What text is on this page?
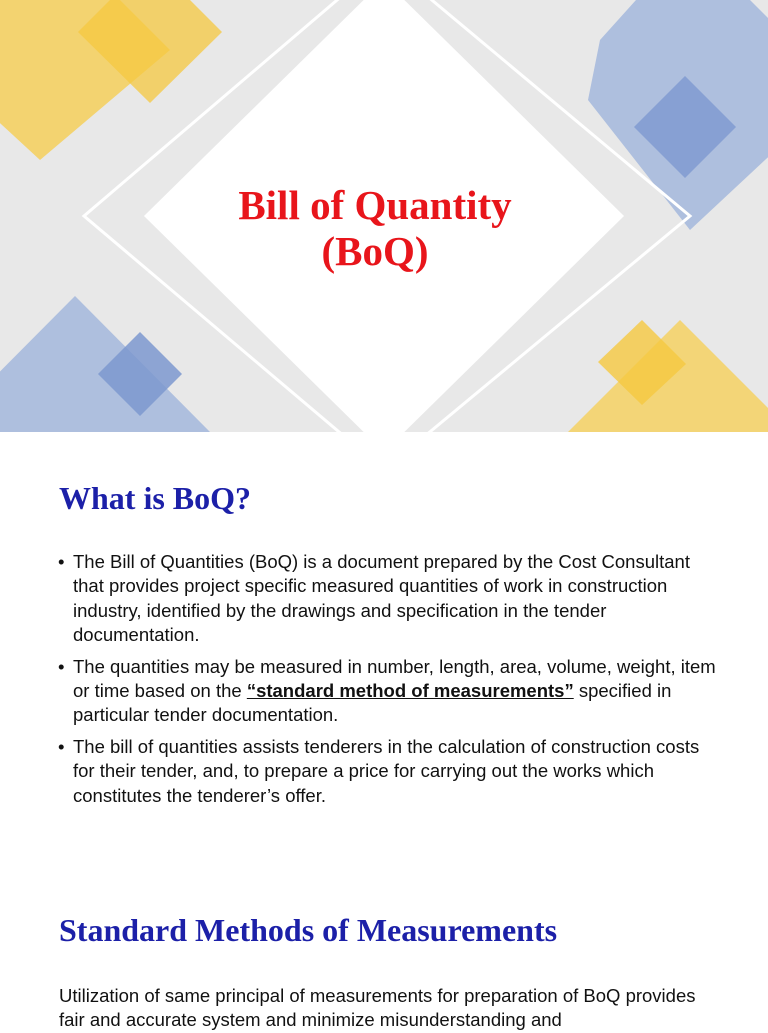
Bill of Quantity
(BoQ)
What is BoQ?
• The Bill of Quantities (BoQ) is a document prepared by the Cost Consultant that provides project specific measured quantities of work in construction industry, identified by the drawings and specification in the tender documentation.
• The quantities may be measured in number, length, area, volume, weight, item or time based on the “standard method of measurements” specified in particular tender documentation.
• The bill of quantities assists tenderers in the calculation of construction costs for their tender, and, to prepare a price for carrying out the works which constitutes the tenderer’s offer.
Standard Methods of Measurements
Utilization of same principal of measurements for preparation of BoQ provides fair and accurate system and minimize misunderstanding and
